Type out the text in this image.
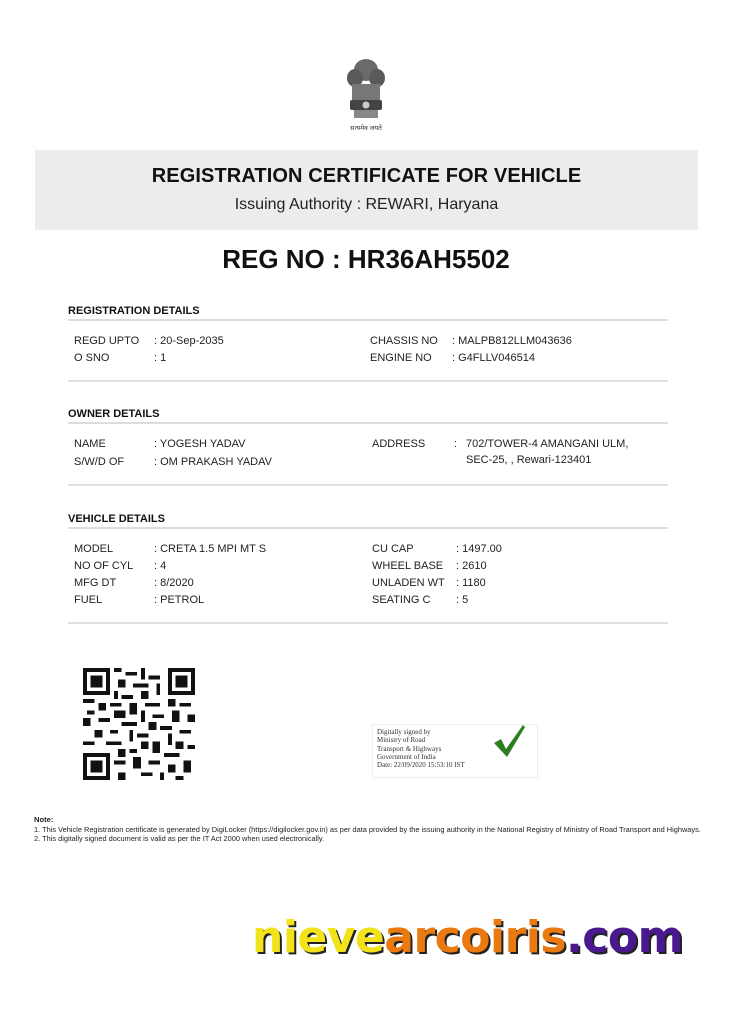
सत्यमेव जयते
REGISTRATION CERTIFICATE FOR VEHICLE
Issuing Authority : REWARI, Haryana
REG NO : HR36AH5502
REGISTRATION DETAILS
REGD UPTO : 20-Sep-2035
O SNO	: 1
CHASSIS NO : MALPB812LLM043636
ENGINE NO : G4FLLV046514
OWNER DETAILS
NAME	: YOGESH YADAV
S/W/D OF	: OM PRAKASH YADAV
ADDRESS	: 702/TOWER-4 AMANGANI ULM,
SEC-25, , Rewari-123401
VEHICLE DETAILS
MODEL	: CRETA 1.5 MPI MT S
NO OF CYL : 4
MFG DT	: 8/2020
FUEL	: PETROL
CU CAP	: 1497.00
WHEEL BASE : 2610
UNLADEN WT : 1180
SEATING C : 5
Digitally signed by
Ministry of Road
Transport & Highways
Government of India
Date: 22/09/2020 15:53:10 IST
Note:
1. This Vehicle Registration certificate is generated by DigiLocker (https://digilocker.gov.in) as per data provided by the issuing authority in the National Registry of Ministry of Road Transport and Highways.
2. This digitally signed document is valid as per the IT Act 2000 when used electronically.
nievearcoiris.com
